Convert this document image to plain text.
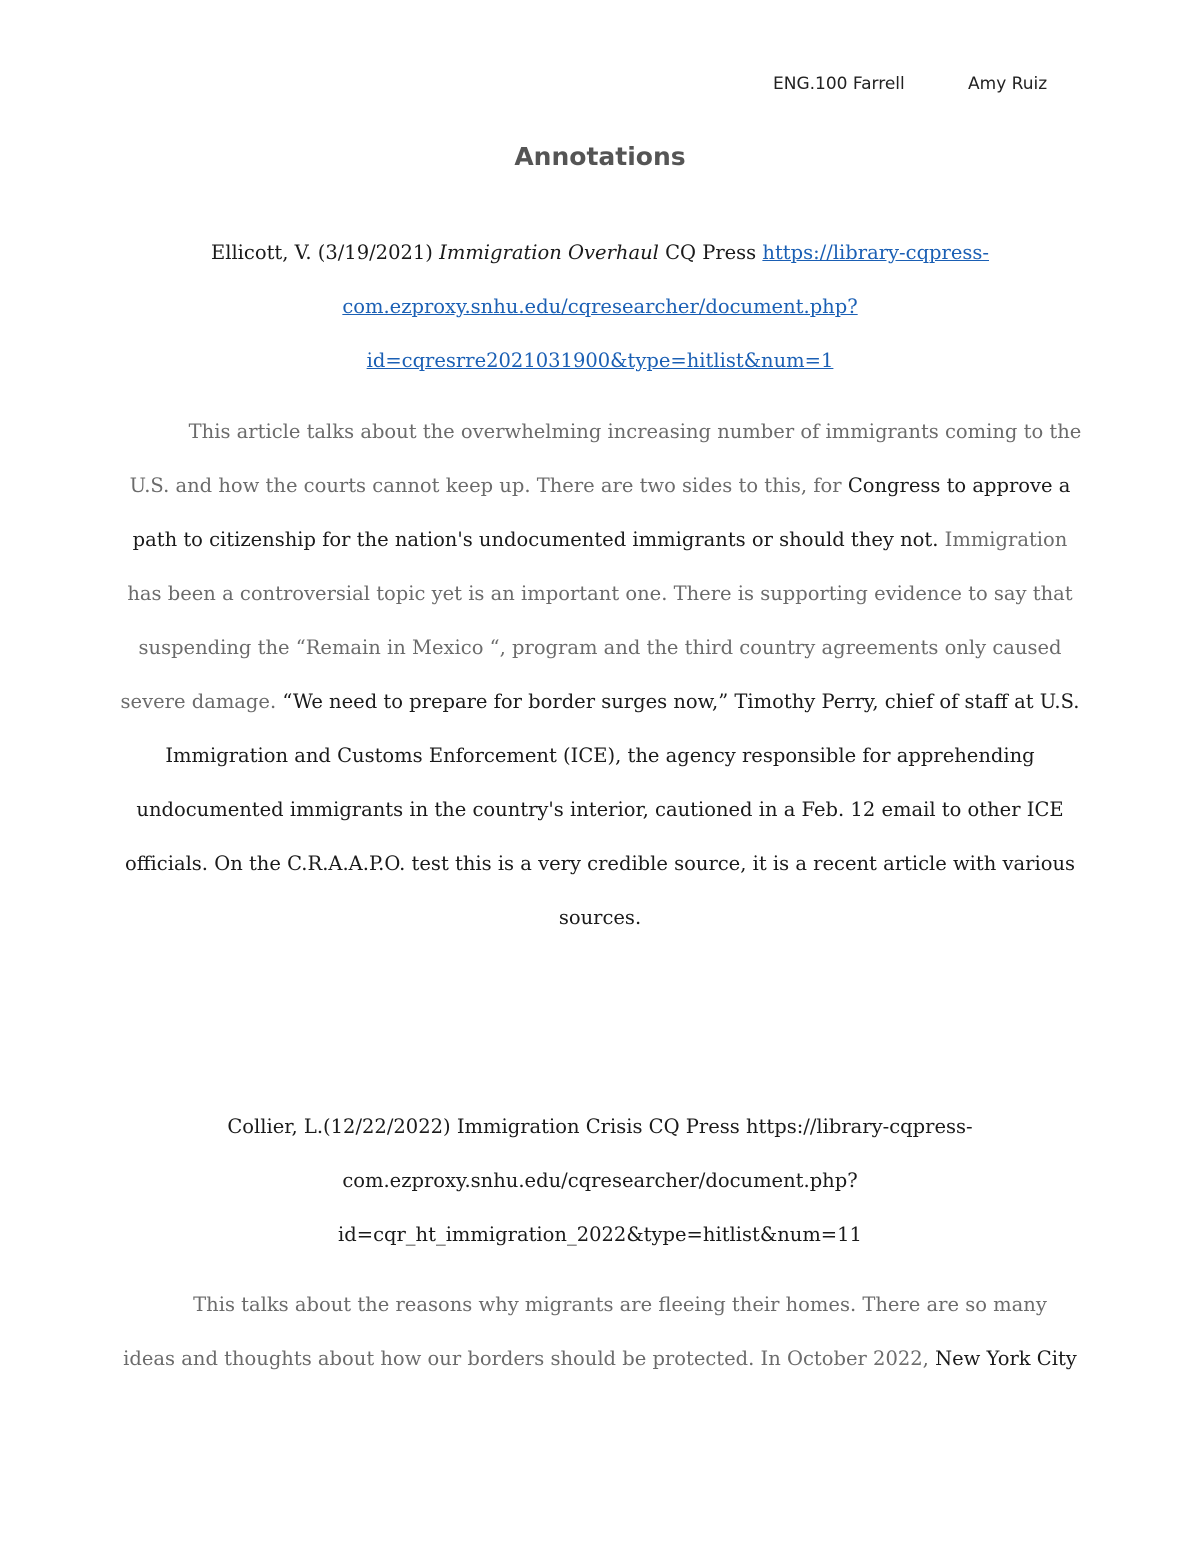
ENG.100 Farrell	Amy Ruiz
Annotations
Ellicott, V. (3/19/2021) Immigration Overhaul CQ Press https://library-cqpress-
com.ezproxy.snhu.edu/cqresearcher/document.php?
id=cqresrre2021031900&type=hitlist&num=1
This article talks about the overwhelming increasing number of immigrants coming to the
U.S. and how the courts cannot keep up. There are two sides to this, for Congress to approve a
path to citizenship for the nation's undocumented immigrants or should they not. Immigration
has been a controversial topic yet is an important one. There is supporting evidence to say that
suspending the “Remain in Mexico “, program and the third country agreements only caused
severe damage. “We need to prepare for border surges now,” Timothy Perry, chief of staff at U.S.
Immigration and Customs Enforcement (ICE), the agency responsible for apprehending
undocumented immigrants in the country's interior, cautioned in a Feb. 12 email to other ICE
officials. On the C.R.A.A.P.O. test this is a very credible source, it is a recent article with various
sources.
Collier, L.(12/22/2022) Immigration Crisis CQ Press https://library-cqpress-
com.ezproxy.snhu.edu/cqresearcher/document.php?
id=cqr_ht_immigration_2022&type=hitlist&num=11
This talks about the reasons why migrants are fleeing their homes. There are so many
ideas and thoughts about how our borders should be protected. In October 2022, New York City
